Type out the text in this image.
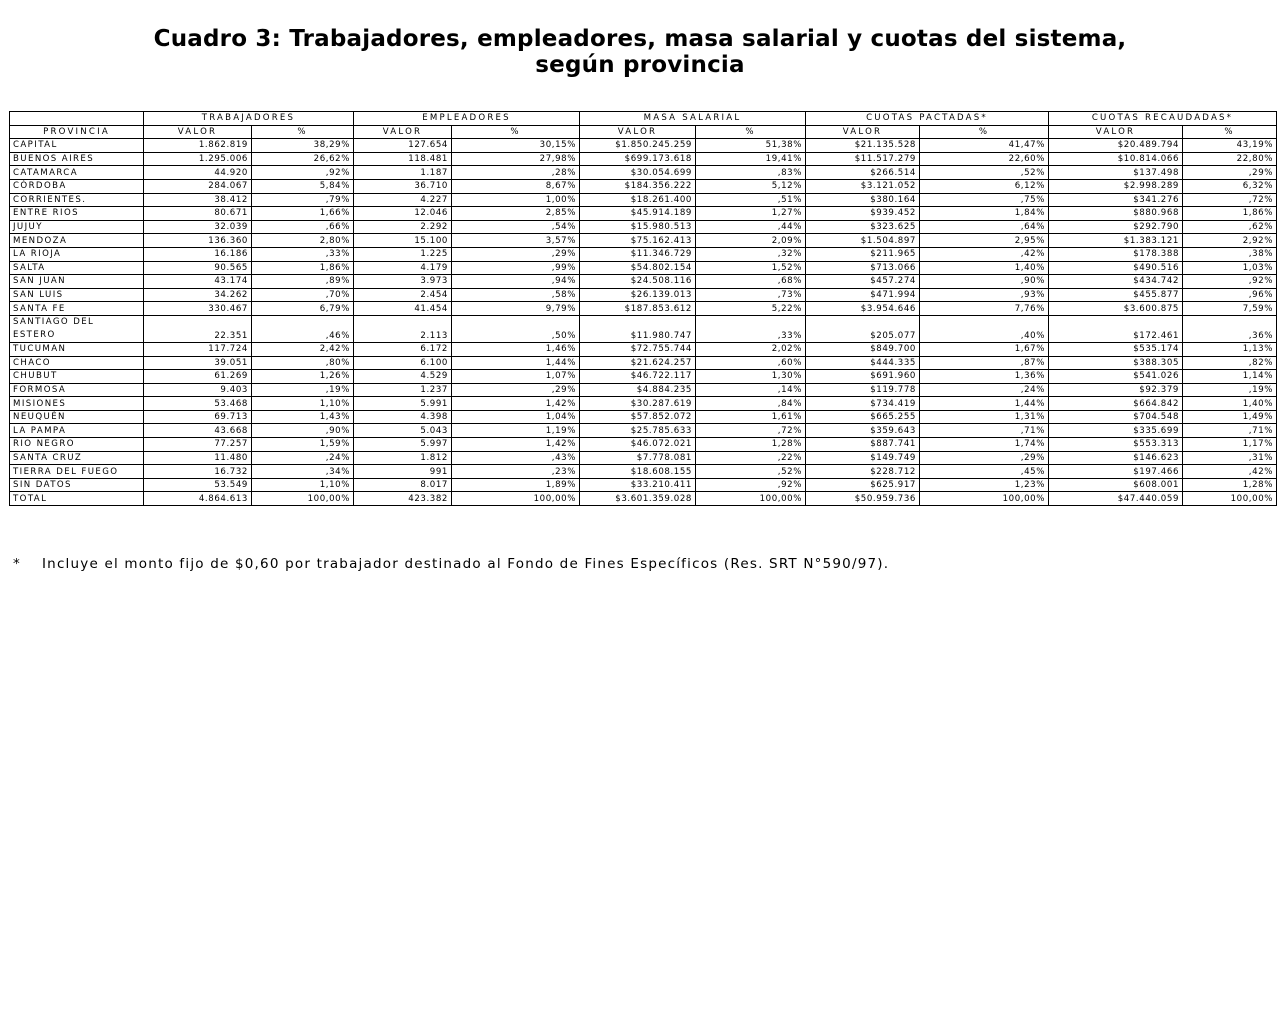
Cuadro 3: Trabajadores, empleadores, masa salarial y cuotas del sistema,
según provincia
	TRABAJADORES		EMPLEADORES		MASA SALARIAL		CUOTAS PACTADAS*		CUOTAS RECAUDADAS*	
PROVINCIA	VALOR	%	VALOR	%	VALOR	%	VALOR	%	VALOR	%
CAPITAL	1.862.819	38,29%	127.654	30,15%	$1.850.245.259	51,38%	$21.135.528	41,47%	$20.489.794	43,19%
BUENOS AIRES	1.295.006	26,62%	118.481	27,98%	$699.173.618	19,41%	$11.517.279	22,60%	$10.814.066	22,80%
CATAMARCA	44.920	,92%	1.187	,28%	$30.054.699	,83%	$266.514	,52%	$137.498	,29%
CÓRDOBA	284.067	5,84%	36.710	8,67%	$184.356.222	5,12%	$3.121.052	6,12%	$2.998.289	6,32%
CORRIENTES.	38.412	,79%	4.227	1,00%	$18.261.400	,51%	$380.164	,75%	$341.276	,72%
ENTRE RIOS	80.671	1,66%	12.046	2,85%	$45.914.189	1,27%	$939.452	1,84%	$880.968	1,86%
JUJUY	32.039	,66%	2.292	,54%	$15.980.513	,44%	$323.625	,64%	$292.790	,62%
MENDOZA	136.360	2,80%	15.100	3,57%	$75.162.413	2,09%	$1.504.897	2,95%	$1.383.121	2,92%
LA RIOJA	16.186	,33%	1.225	,29%	$11.346.729	,32%	$211.965	,42%	$178.388	,38%
SALTA	90.565	1,86%	4.179	,99%	$54.802.154	1,52%	$713.066	1,40%	$490.516	1,03%
SAN JUAN	43.174	,89%	3.973	,94%	$24.508.116	,68%	$457.274	,90%	$434.742	,92%
SAN LUIS	34.262	,70%	2.454	,58%	$26.139.013	,73%	$471.994	,93%	$455.877	,96%
SANTA FE	330.467	6,79%	41.454	9,79%	$187.853.612	5,22%	$3.954.646	7,76%	$3.600.875	7,59%
SANTIAGO DEL ESTERO	22.351	,46%	2.113	,50%	$11.980.747	,33%	$205.077	,40%	$172.461	,36%
TUCUMAN	117.724	2,42%	6.172	1,46%	$72.755.744	2,02%	$849.700	1,67%	$535.174	1,13%
CHACO	39.051	,80%	6.100	1,44%	$21.624.257	,60%	$444.335	,87%	$388.305	,82%
CHUBUT	61.269	1,26%	4.529	1,07%	$46.722.117	1,30%	$691.960	1,36%	$541.026	1,14%
FORMOSA	9.403	,19%	1.237	,29%	$4.884.235	,14%	$119.778	,24%	$92.379	,19%
MISIONES	53.468	1,10%	5.991	1,42%	$30.287.619	,84%	$734.419	1,44%	$664.842	1,40%
NEUQUÉN	69.713	1,43%	4.398	1,04%	$57.852.072	1,61%	$665.255	1,31%	$704.548	1,49%
LA PAMPA	43.668	,90%	5.043	1,19%	$25.785.633	,72%	$359.643	,71%	$335.699	,71%
RIO NEGRO	77.257	1,59%	5.997	1,42%	$46.072.021	1,28%	$887.741	1,74%	$553.313	1,17%
SANTA CRUZ	11.480	,24%	1.812	,43%	$7.778.081	,22%	$149.749	,29%	$146.623	,31%
TIERRA DEL FUEGO	16.732	,34%	991	,23%	$18.608.155	,52%	$228.712	,45%	$197.466	,42%
SIN DATOS	53.549	1,10%	8.017	1,89%	$33.210.411	,92%	$625.917	1,23%	$608.001	1,28%
TOTAL	4.864.613	100,00%	423.382	100,00%	$3.601.359.028	100,00%	$50.959.736	100,00%	$47.440.059	100,00%
* Incluye el monto fijo de $0,60 por trabajador destinado al Fondo de Fines Específicos (Res. SRT N°590/97).
